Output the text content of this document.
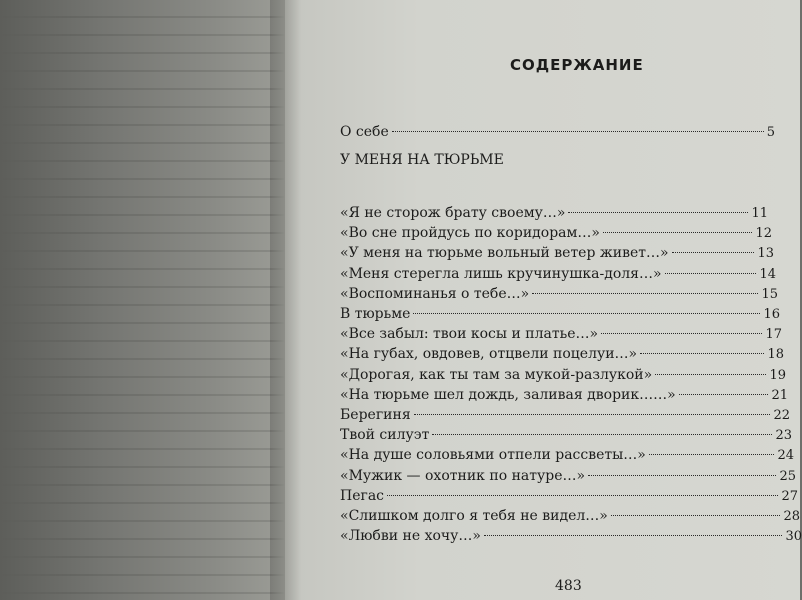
СОДЕРЖАНИЕ
О себе	5
У МЕНЯ НА ТЮРЬМЕ
«Я не сторож брату своему…»	11
«Во сне пройдусь по коридорам…»	12
«У меня на тюрьме вольный ветер живет…»	13
«Меня стерегла лишь кручинушка-доля…»	14
«Воспоминанья о тебе…»	15
В тюрьме	16
«Все забыл: твои косы и платье…»	17
«На губах, овдовев, отцвели поцелуи…»	18
«Дорогая, как ты там за мукой-разлукой»	19
«На тюрьме шел дождь, заливая дворик……»	21
Берегиня	22
Твой силуэт	23
«На душе соловьями отпели рассветы…»	24
«Мужик — охотник по натуре…»	25
Пегас	27
«Слишком долго я тебя не видел…»	28
«Любви не хочу…»	30
483
